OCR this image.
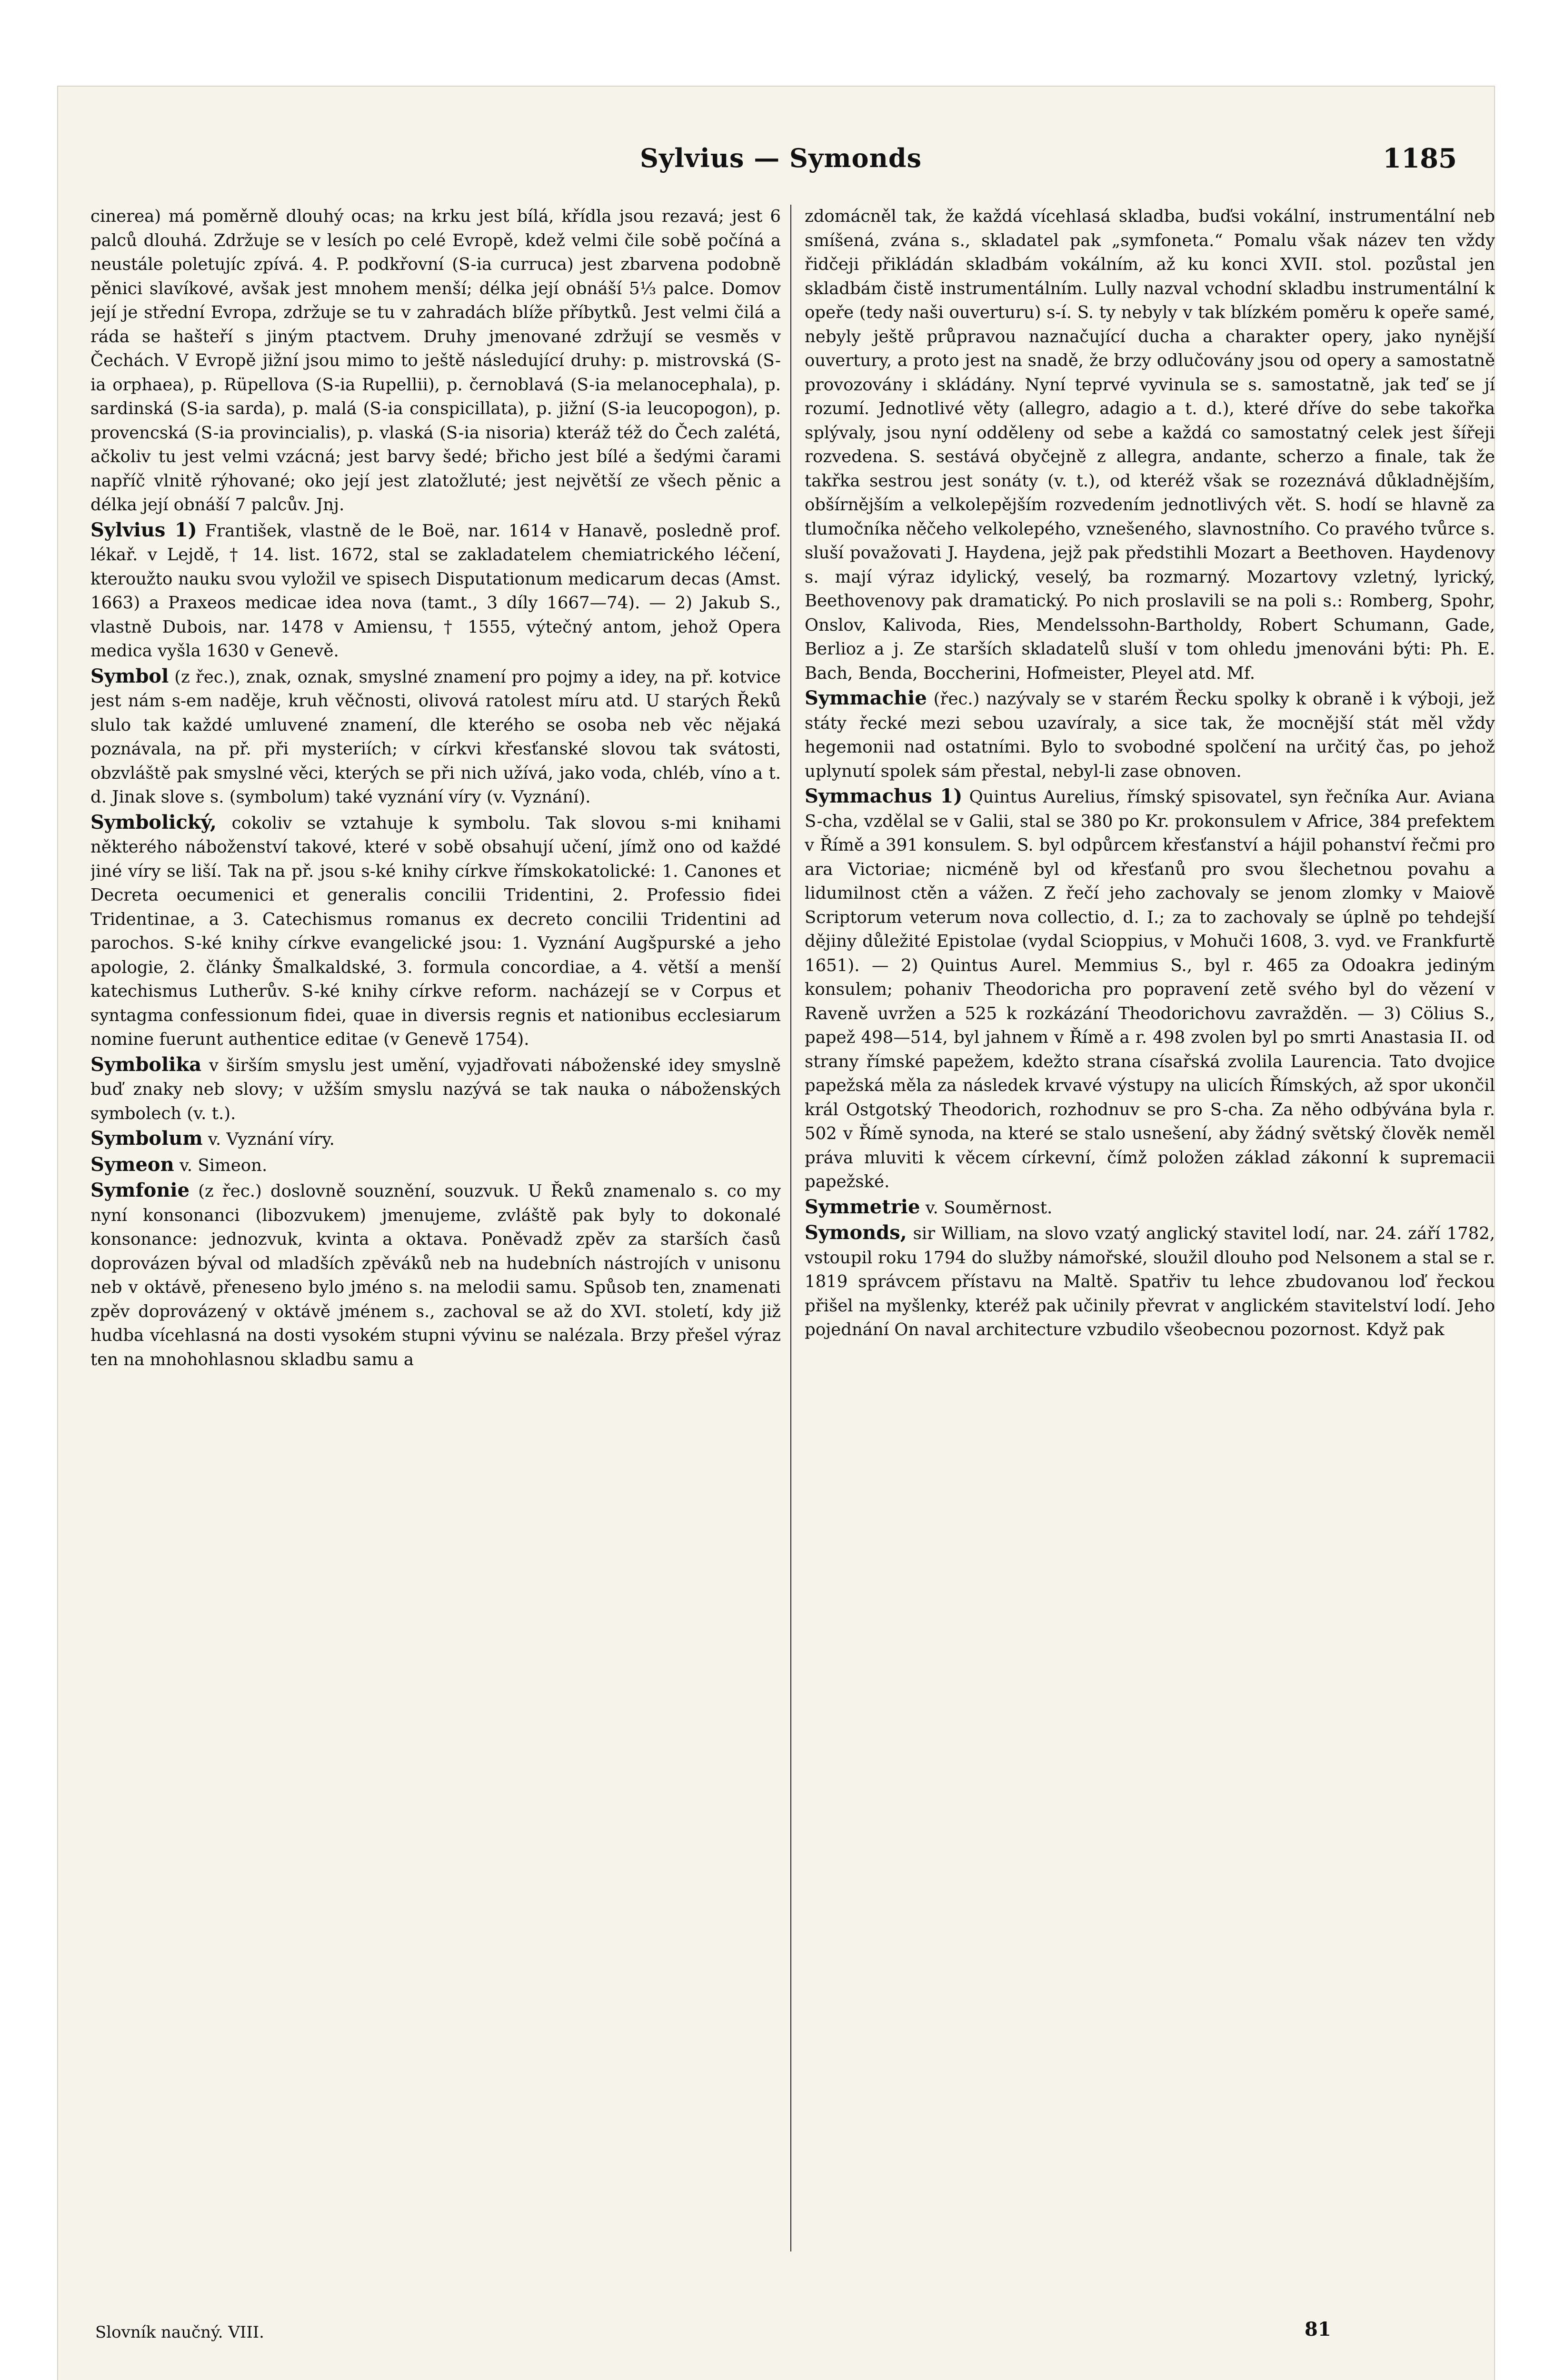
Sylvius — Symonds	1185

cinerea) má poměrně dlouhý ocas; na krku jest bílá, křídla jsou rezavá; jest 6 palců dlouhá. Zdržuje se v lesích po celé Evropě, kdež velmi čile sobě počíná a neustále poletujíc zpívá. 4. P. podkřovní (S-ia curruca) jest zbarvena podobně pěnici slavíkové, avšak jest mnohem menší; délka její obnáší 5⅓ palce. Domov její je střední Evropa, zdržuje se tu v zahradách blíže příbytků. Jest velmi čilá a ráda se hašteří s jiným ptactvem. Druhy jmenované zdržují se vesměs v Čechách. V Evropě jižní jsou mimo to ještě následující druhy: p. mistrovská (S-ia orphaea), p. Rüpellova (S-ia Rupellii), p. černoblavá (S-ia melanocephala), p. sardinská (S-ia sarda), p. malá (S-ia conspicillata), p. jižní (S-ia leucopogon), p. provencská (S-ia provincialis), p. vlaská (S-ia nisoria) kteráž též do Čech zalétá, ačkoliv tu jest velmi vzácná; jest barvy šedé; břicho jest bílé a šedými čarami napříč vlnitě rýhované; oko její jest zlatožluté; jest největší ze všech pěnic a délka její obnáší 7 palcův. Jnj.

Sylvius 1) František, vlastně de le Boë, nar. 1614 v Hanavě, posledně prof. lékař. v Lejdě, † 14. list. 1672, stal se zakladatelem chemiatrického léčení, kteroužto nauku svou vyložil ve spisech Disputationum medicarum decas (Amst. 1663) a Praxeos medicae idea nova (tamt., 3 díly 1667—74). — 2) Jakub S., vlastně Dubois, nar. 1478 v Amiensu, † 1555, výtečný antom, jehož Opera medica vyšla 1630 v Genevě.

Symbol (z řec.), znak, oznak, smyslné znamení pro pojmy a idey, na př. kotvice jest nám s-em naděje, kruh věčnosti, olivová ratolest míru atd. U starých Řeků slulo tak každé umluvené znamení, dle kterého se osoba neb věc nějaká poznávala, na př. při mysteriích; v církvi křesťanské slovou tak svátosti, obzvláště pak smyslné věci, kterých se při nich užívá, jako voda, chléb, víno a t. d. Jinak slove s. (symbolum) také vyznání víry (v. Vyznání).

Symbolický, cokoliv se vztahuje k symbolu. Tak slovou s-mi knihami některého náboženství takové, které v sobě obsahují učení, jímž ono od každé jiné víry se liší. Tak na př. jsou s-ké knihy církve římskokatolické: 1. Canones et Decreta oecumenici et generalis concilii Tridentini, 2. Professio fidei Tridentinae, a 3. Catechismus romanus ex decreto concilii Tridentini ad parochos. S-ké knihy církve evangelické jsou: 1. Vyznání Augšpurské a jeho apologie, 2. články Šmalkaldské, 3. formula concordiae, a 4. větší a menší katechismus Lutherův. S-ké knihy církve reform. nacházejí se v Corpus et syntagma confessionum fidei, quae in diversis regnis et nationibus ecclesiarum nomine fuerunt authentice editae (v Genevě 1754).

Symbolika v širším smyslu jest umění, vyjadřovati náboženské idey smyslně buď znaky neb slovy; v užším smyslu nazývá se tak nauka o náboženských symbolech (v. t.).

Symbolum v. Vyznání víry.

Symeon v. Simeon.

Symfonie (z řec.) doslovně souznění, souzvuk. U Řeků znamenalo s. co my nyní konsonanci (libozvukem) jmenujeme, zvláště pak byly to dokonalé konsonance: jednozvuk, kvinta a oktava. Poněvadž zpěv za starších časů doprovázen býval od mladších zpěváků neb na hudebních nástrojích v unisonu neb v oktávě, přeneseno bylo jméno s. na melodii samu. Spůsob ten, znamenati zpěv doprovázený v oktávě jménem s., zachoval se až do XVI. století, kdy již hudba vícehlasná na dosti vysokém stupni vývinu se nalézala. Brzy přešel výraz ten na mnohohlasnou skladbu samu a

zdomácněl tak, že každá vícehlasá skladba, buďsi vokální, instrumentální neb smíšená, zvána s., skladatel pak „symfoneta.“ Pomalu však název ten vždy řidčeji přikládán skladbám vokálním, až ku konci XVII. stol. pozůstal jen skladbám čistě instrumentálním. Lully nazval vchodní skladbu instrumentální k opeře (tedy naši ouverturu) s-í. S. ty nebyly v tak blízkém poměru k opeře samé, nebyly ještě průpravou naznačující ducha a charakter opery, jako nynější ouvertury, a proto jest na snadě, že brzy odlučovány jsou od opery a samostatně provozovány i skládány. Nyní teprvé vyvinula se s. samostatně, jak teď se jí rozumí. Jednotlivé věty (allegro, adagio a t. d.), které dříve do sebe takořka splývaly, jsou nyní odděleny od sebe a každá co samostatný celek jest šířeji rozvedena. S. sestává obyčejně z allegra, andante, scherzo a finale, tak že takřka sestrou jest sonáty (v. t.), od kteréž však se rozeznává důkladnějším, obšírnějším a velkolepějším rozvedením jednotlivých vět. S. hodí se hlavně za tlumočníka něčeho velkolepého, vznešeného, slavnostního. Co pravého tvůrce s. sluší považovati J. Haydena, jejž pak předstihli Mozart a Beethoven. Haydenovy s. mají výraz idylický, veselý, ba rozmarný. Mozartovy vzletný, lyrický, Beethovenovy pak dramatický. Po nich proslavili se na poli s.: Romberg, Spohr, Onslov, Kalivoda, Ries, Mendelssohn-Bartholdy, Robert Schumann, Gade, Berlioz a j. Ze starších skladatelů sluší v tom ohledu jmenováni býti: Ph. E. Bach, Benda, Boccherini, Hofmeister, Pleyel atd. Mf.

Symmachie (řec.) nazývaly se v starém Řecku spolky k obraně i k výboji, jež státy řecké mezi sebou uzavíraly, a sice tak, že mocnější stát měl vždy hegemonii nad ostatními. Bylo to svobodné spolčení na určitý čas, po jehož uplynutí spolek sám přestal, nebyl-li zase obnoven.

Symmachus 1) Quintus Aurelius, římský spisovatel, syn řečníka Aur. Aviana S-cha, vzdělal se v Galii, stal se 380 po Kr. prokonsulem v Africe, 384 prefektem v Římě a 391 konsulem. S. byl odpůrcem křesťanství a hájil pohanství řečmi pro ara Victoriae; nicméně byl od křesťanů pro svou šlechetnou povahu a lidumilnost ctěn a vážen. Z řečí jeho zachovaly se jenom zlomky v Maiově Scriptorum veterum nova collectio, d. I.; za to zachovaly se úplně po tehdejší dějiny důležité Epistolae (vydal Scioppius, v Mohuči 1608, 3. vyd. ve Frankfurtě 1651). — 2) Quintus Aurel. Memmius S., byl r. 465 za Odoakra jediným konsulem; pohaniv Theodoricha pro popravení zetě svého byl do vězení v Raveně uvržen a 525 k rozkázání Theodorichovu zavražděn. — 3) Cölius S., papež 498—514, byl jahnem v Římě a r. 498 zvolen byl po smrti Anastasia II. od strany římské papežem, kdežto strana císařská zvolila Laurencia. Tato dvojice papežská měla za následek krvavé výstupy na ulicích Římských, až spor ukončil král Ostgotský Theodorich, rozhodnuv se pro S-cha. Za něho odbývána byla r. 502 v Římě synoda, na které se stalo usnešení, aby žádný světský člověk neměl práva mluviti k věcem církevní, čímž položen základ zákonní k supremacii papežské.

Symmetrie v. Souměrnost.

Symonds, sir William, na slovo vzatý anglický stavitel lodí, nar. 24. září 1782, vstoupil roku 1794 do služby námořské, sloužil dlouho pod Nelsonem a stal se r. 1819 správcem přístavu na Maltě. Spatřiv tu lehce zbudovanou loď řeckou přišel na myšlenky, kteréž pak učinily převrat v anglickém stavitelství lodí. Jeho pojednání On naval architecture vzbudilo všeobecnou pozornost. Když pak

Slovník naučný. VIII.	81
